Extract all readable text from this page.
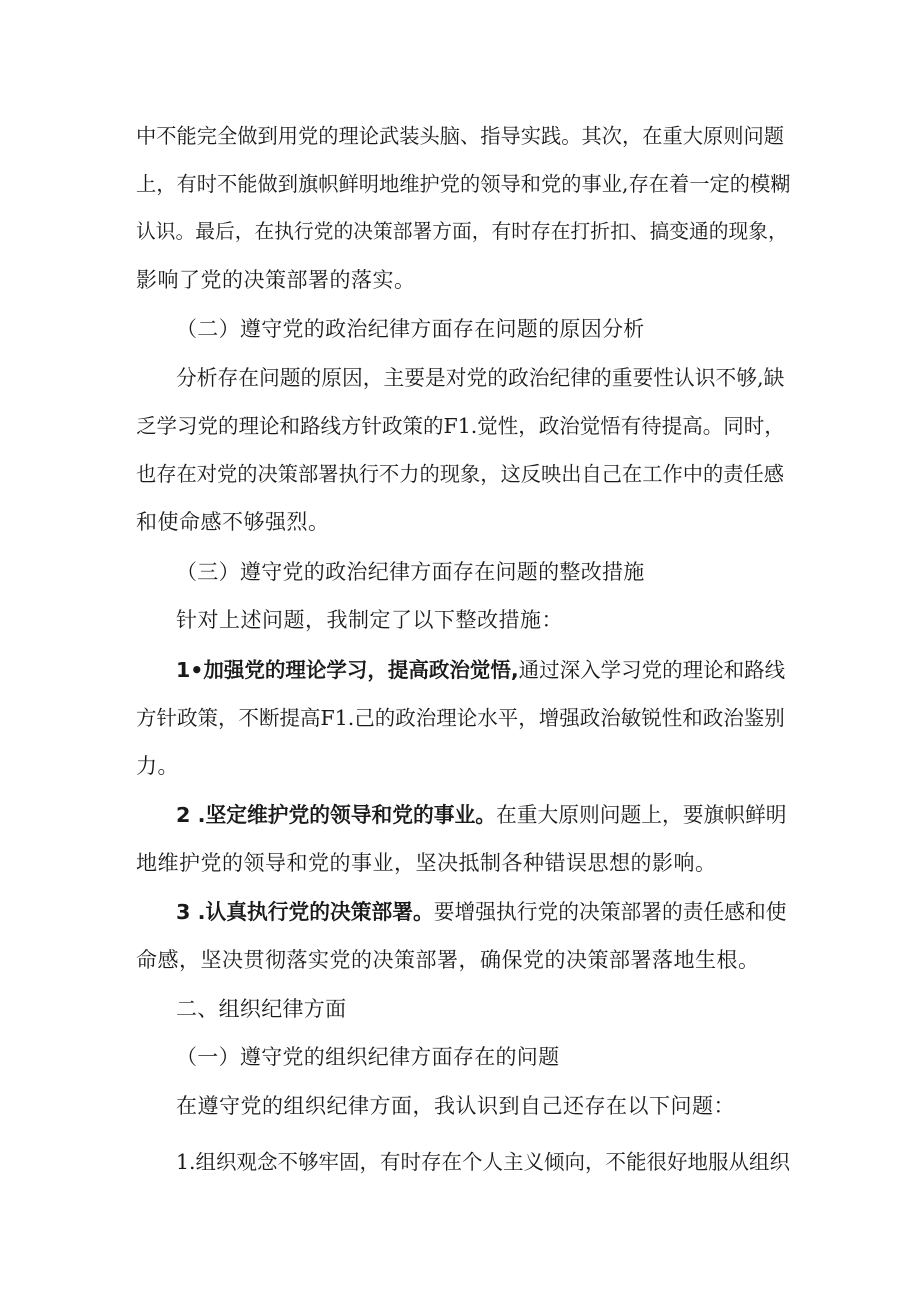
中不能完全做到用党的理论武装头脑、指导实践。其次，在重大原则问题

上，有时不能做到旗帜鲜明地维护党的领导和党的事业,存在着一定的模糊

认识。最后，在执行党的决策部署方面，有时存在打折扣、搞变通的现象，

影响了党的决策部署的落实。

（二）遵守党的政治纪律方面存在问题的原因分析

分析存在问题的原因，主要是对党的政治纪律的重要性认识不够,缺

乏学习党的理论和路线方针政策的F1.觉性，政治觉悟有待提高。同时，

也存在对党的决策部署执行不力的现象，这反映出自己在工作中的责任感

和使命感不够强烈。

（三）遵守党的政治纪律方面存在问题的整改措施

针对上述问题，我制定了以下整改措施：

1•加强党的理论学习，提高政治觉悟,通过深入学习党的理论和路线

方针政策，不断提高F1.己的政治理论水平，增强政治敏锐性和政治鉴别

力。

2 .坚定维护党的领导和党的事业。在重大原则问题上，要旗帜鲜明

地维护党的领导和党的事业，坚决抵制各种错误思想的影响。

3 .认真执行党的决策部署。要增强执行党的决策部署的责任感和使

命感，坚决贯彻落实党的决策部署，确保党的决策部署落地生根。

二、组织纪律方面

（一）遵守党的组织纪律方面存在的问题

在遵守党的组织纪律方面，我认识到自己还存在以下问题：

1.组织观念不够牢固，有时存在个人主义倾向，不能很好地服从组织
